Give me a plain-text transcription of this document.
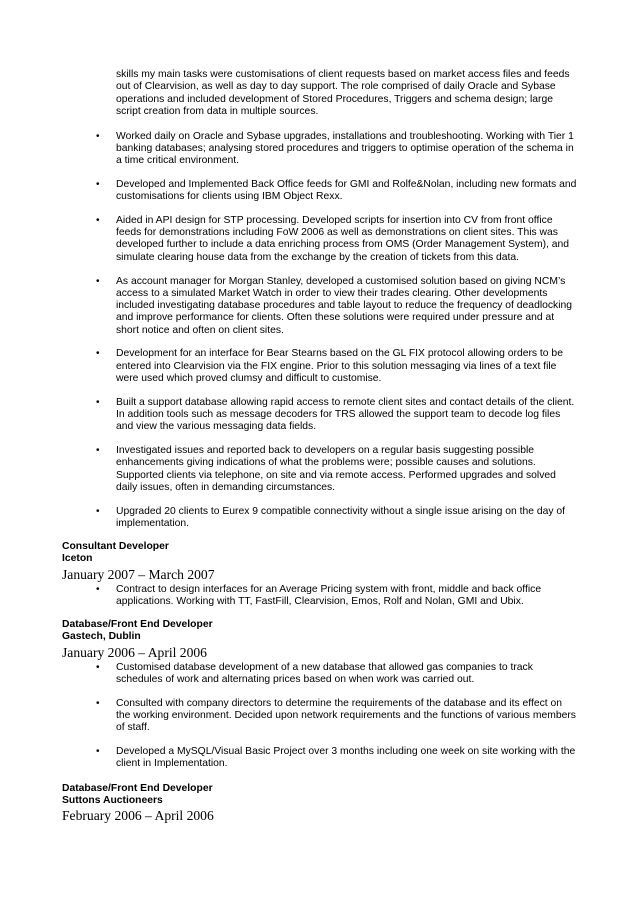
skills my main tasks were customisations of client requests based on market access files and feeds out of Clearvision, as well as day to day support. The role comprised of daily Oracle and Sybase operations and included development of Stored Procedures, Triggers and schema design; large script creation from data in multiple sources.

• Worked daily on Oracle and Sybase upgrades, installations and troubleshooting. Working with Tier 1 banking databases; analysing stored procedures and triggers to optimise operation of the schema in a time critical environment.
• Developed and Implemented Back Office feeds for GMI and Rolfe&Nolan, including new formats and customisations for clients using IBM Object Rexx.
• Aided in API design for STP processing. Developed scripts for insertion into CV from front office feeds for demonstrations including FoW 2006 as well as demonstrations on client sites. This was developed further to include a data enriching process from OMS (Order Management System), and simulate clearing house data from the exchange by the creation of tickets from this data.
• As account manager for Morgan Stanley, developed a customised solution based on giving NCM’s access to a simulated Market Watch in order to view their trades clearing. Other developments included investigating database procedures and table layout to reduce the frequency of deadlocking and improve performance for clients. Often these solutions were required under pressure and at short notice and often on client sites.
• Development for an interface for Bear Stearns based on the GL FIX protocol allowing orders to be entered into Clearvision via the FIX engine. Prior to this solution messaging via lines of a text file were used which proved clumsy and difficult to customise.
• Built a support database allowing rapid access to remote client sites and contact details of the client. In addition tools such as message decoders for TRS allowed the support team to decode log files and view the various messaging data fields.
• Investigated issues and reported back to developers on a regular basis suggesting possible enhancements giving indications of what the problems were; possible causes and solutions. Supported clients via telephone, on site and via remote access. Performed upgrades and solved daily issues, often in demanding circumstances.
• Upgraded 20 clients to Eurex 9 compatible connectivity without a single issue arising on the day of implementation.

Consultant Developer

Iceton

January 2007 – March 2007

• Contract to design interfaces for an Average Pricing system with front, middle and back office applications. Working with TT, FastFill, Clearvision, Emos, Rolf and Nolan, GMI and Ubix.

Database/Front End Developer

Gastech, Dublin

January 2006 – April 2006

• Customised database development of a new database that allowed gas companies to track schedules of work and alternating prices based on when work was carried out.
• Consulted with company directors to determine the requirements of the database and its effect on the working environment. Decided upon network requirements and the functions of various members of staff.
• Developed a MySQL/Visual Basic Project over 3 months including one week on site working with the client in Implementation.

Database/Front End Developer

Suttons Auctioneers

February 2006 – April 2006
